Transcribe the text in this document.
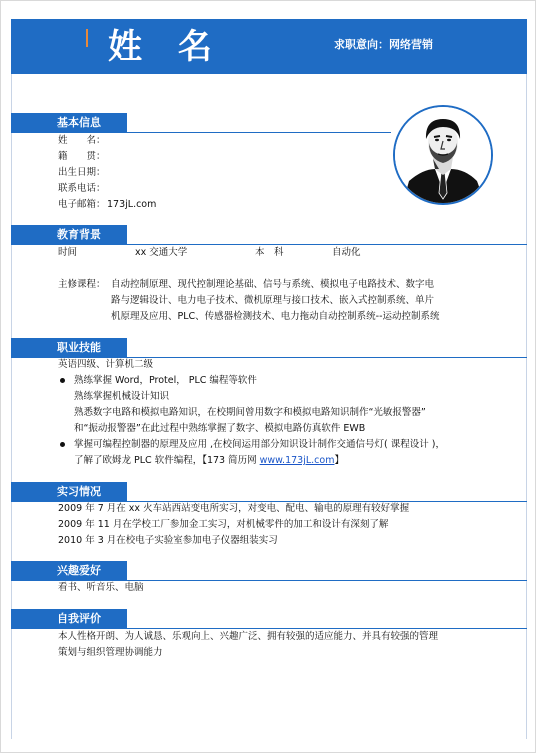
姓 名	求职意向：网络营销
基本信息
姓　　名：
籍　　贯：
出生日期：
联系电话：
电子邮箱： 173jL.com
教育背景
时间	xx 交通大学	本　科	自动化
主修课程： 自动控制原理、现代控制理论基础、信号与系统、模拟电子电路技术、数字电
路与逻辑设计、电力电子技术、微机原理与接口技术、嵌入式控制系统、单片
机原理及应用、PLC、传感器检测技术、电力拖动自动控制系统--运动控制系统
职业技能
英语四级、计算机二级
熟练掌握 Word，Protel， PLC 编程等软件
熟练掌握机械设计知识
熟悉数字电路和模拟电路知识，在校期间曾用数字和模拟电路知识制作“光敏报警器”
和“振动报警器”在此过程中熟练掌握了数字、模拟电路仿真软件 EWB
掌握可编程控制器的原理及应用 ,在校间运用部分知识设计制作交通信号灯( 课程设计 )，
了解了欧姆龙 PLC 软件编程，【173 简历网 www.173jL.com】
实习情况
2009 年 7 月在 xx 火车站西站变电所实习，对变电、配电、输电的原理有较好掌握
2009 年 11 月在学校工厂参加金工实习，对机械零件的加工和设计有深刻了解
2010 年 3 月在校电子实验室参加电子仪器组装实习
兴趣爱好
看书、听音乐、电脑
自我评价
本人性格开朗、为人诚恳、乐观向上、兴趣广泛、拥有较强的适应能力、并具有较强的管理
策划与组织管理协调能力
